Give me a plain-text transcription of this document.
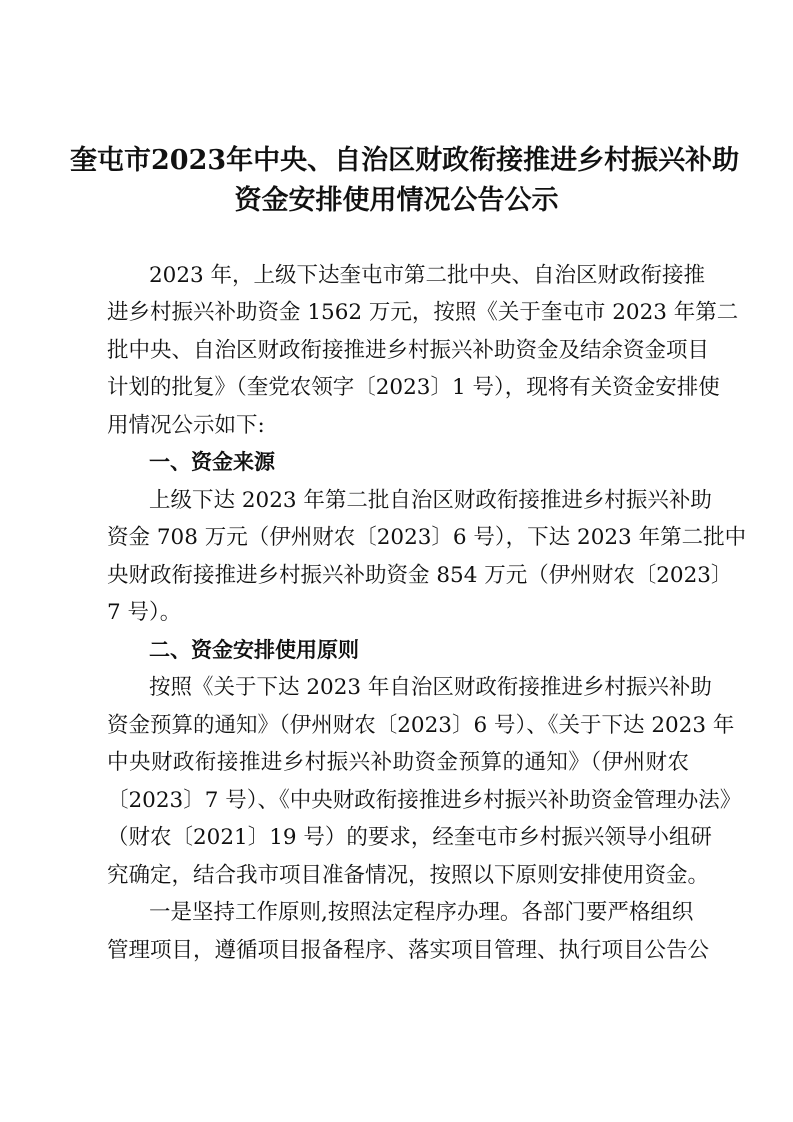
奎屯市2023年中央、自治区财政衔接推进乡村振兴补助
资金安排使用情况公告公示
2023 年，上级下达奎屯市第二批中央、自治区财政衔接推
进乡村振兴补助资金 1562 万元，按照《关于奎屯市 2023 年第二
批中央、自治区财政衔接推进乡村振兴补助资金及结余资金项目
计划的批复》（奎党农领字〔2023〕1 号），现将有关资金安排使
用情况公示如下:
一、资金来源
上级下达 2023 年第二批自治区财政衔接推进乡村振兴补助
资金 708 万元（伊州财农〔2023〕6 号），下达 2023 年第二批中
央财政衔接推进乡村振兴补助资金 854 万元（伊州财农〔2023〕
7 号）。
二、资金安排使用原则
按照《关于下达 2023 年自治区财政衔接推进乡村振兴补助
资金预算的通知》（伊州财农〔2023〕6 号）、《关于下达 2023 年
中央财政衔接推进乡村振兴补助资金预算的通知》（伊州财农
〔2023〕7 号）、《中央财政衔接推进乡村振兴补助资金管理办法》
（财农〔2021〕19 号）的要求，经奎屯市乡村振兴领导小组研
究确定，结合我市项目准备情况，按照以下原则安排使用资金。
一是坚持工作原则,按照法定程序办理。各部门要严格组织
管理项目，遵循项目报备程序、落实项目管理、执行项目公告公
